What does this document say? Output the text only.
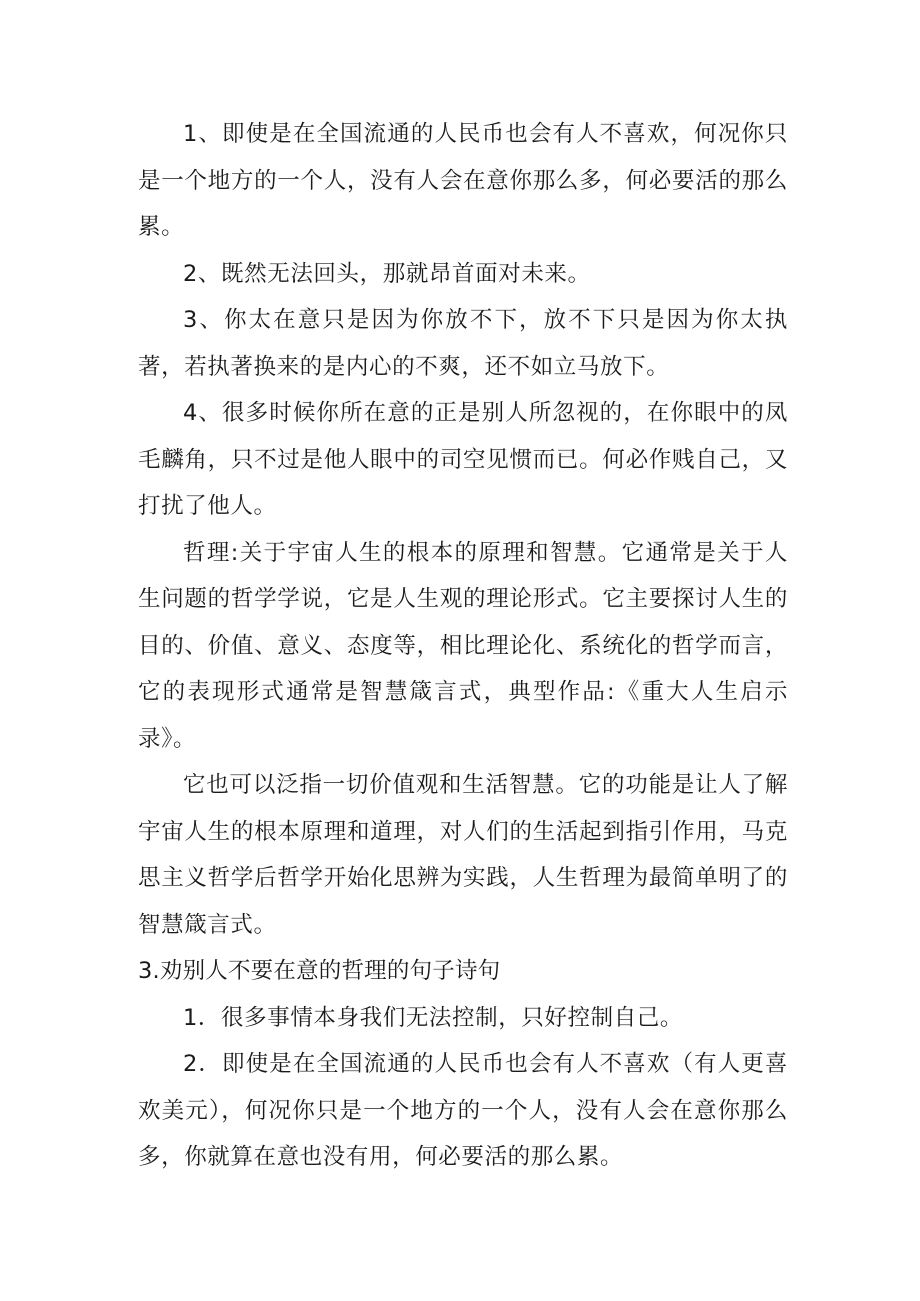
1、即使是在全国流通的人民币也会有人不喜欢，何况你只是一个地方的一个人，没有人会在意你那么多，何必要活的那么累。

2、既然无法回头，那就昂首面对未来。

3、你太在意只是因为你放不下，放不下只是因为你太执著，若执著换来的是内心的不爽，还不如立马放下。

4、很多时候你所在意的正是别人所忽视的，在你眼中的凤毛麟角，只不过是他人眼中的司空见惯而已。何必作贱自己，又打扰了他人。

哲理:关于宇宙人生的根本的原理和智慧。它通常是关于人生问题的哲学学说，它是人生观的理论形式。它主要探讨人生的目的、价值、意义、态度等，相比理论化、系统化的哲学而言，它的表现形式通常是智慧箴言式，典型作品:《重大人生启示录》。

它也可以泛指一切价值观和生活智慧。它的功能是让人了解宇宙人生的根本原理和道理，对人们的生活起到指引作用，马克思主义哲学后哲学开始化思辨为实践，人生哲理为最简单明了的智慧箴言式。

3.劝别人不要在意的哲理的句子诗句

1．很多事情本身我们无法控制，只好控制自己。

2．即使是在全国流通的人民币也会有人不喜欢（有人更喜欢美元），何况你只是一个地方的一个人，没有人会在意你那么多，你就算在意也没有用，何必要活的那么累。
